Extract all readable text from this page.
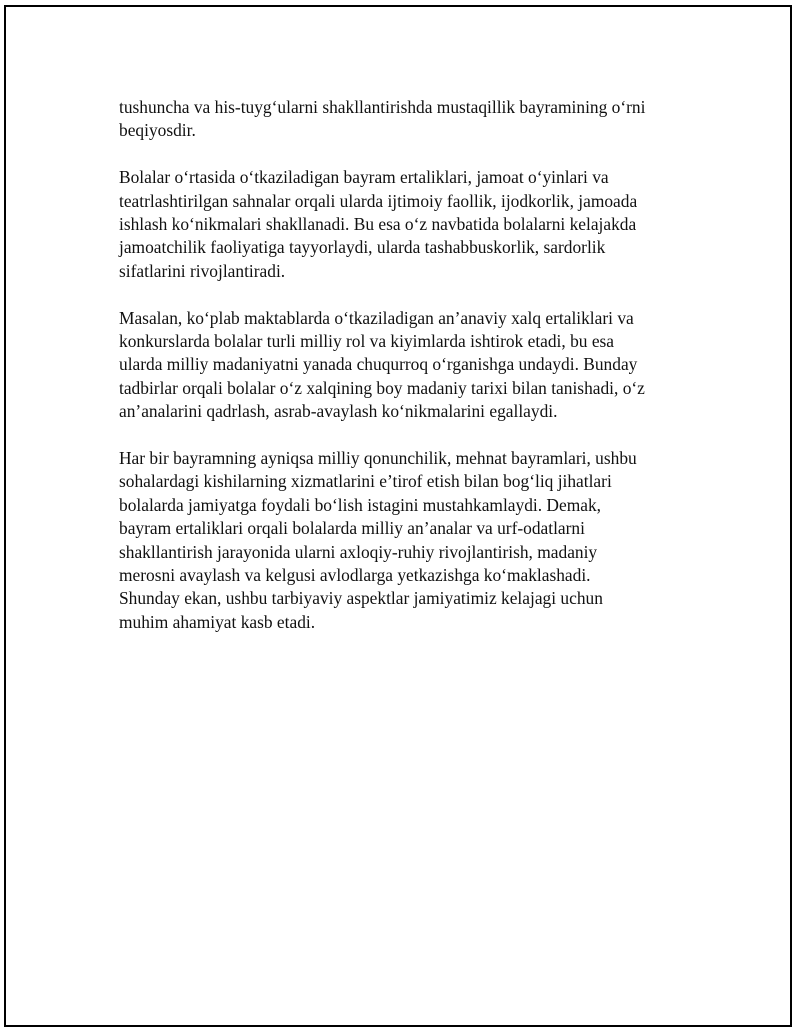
tushuncha va his-tuyg‘ularni shakllantirishda mustaqillik bayramining o‘rni
beqiyosdir.

Bolalar o‘rtasida o‘tkaziladigan bayram ertaliklari, jamoat o‘yinlari va
teatrlashtirilgan sahnalar orqali ularda ijtimoiy faollik, ijodkorlik, jamoada
ishlash ko‘nikmalari shakllanadi. Bu esa o‘z navbatida bolalarni kelajakda
jamoatchilik faoliyatiga tayyorlaydi, ularda tashabbuskorlik, sardorlik
sifatlarini rivojlantiradi.

Masalan, ko‘plab maktablarda o‘tkaziladigan an’anaviy xalq ertaliklari va
konkurslarda bolalar turli milliy rol va kiyimlarda ishtirok etadi, bu esa
ularda milliy madaniyatni yanada chuqurroq o‘rganishga undaydi. Bunday
tadbirlar orqali bolalar o‘z xalqining boy madaniy tarixi bilan tanishadi, o‘z
an’analarini qadrlash, asrab-avaylash ko‘nikmalarini egallaydi.

Har bir bayramning ayniqsa milliy qonunchilik, mehnat bayramlari, ushbu
sohalardagi kishilarning xizmatlarini e’tirof etish bilan bog‘liq jihatlari
bolalarda jamiyatga foydali bo‘lish istagini mustahkamlaydi. Demak,
bayram ertaliklari orqali bolalarda milliy an’analar va urf-odatlarni
shakllantirish jarayonida ularni axloqiy-ruhiy rivojlantirish, madaniy
merosni avaylash va kelgusi avlodlarga yetkazishga ko‘maklashadi.
Shunday ekan, ushbu tarbiyaviy aspektlar jamiyatimiz kelajagi uchun
muhim ahamiyat kasb etadi.
